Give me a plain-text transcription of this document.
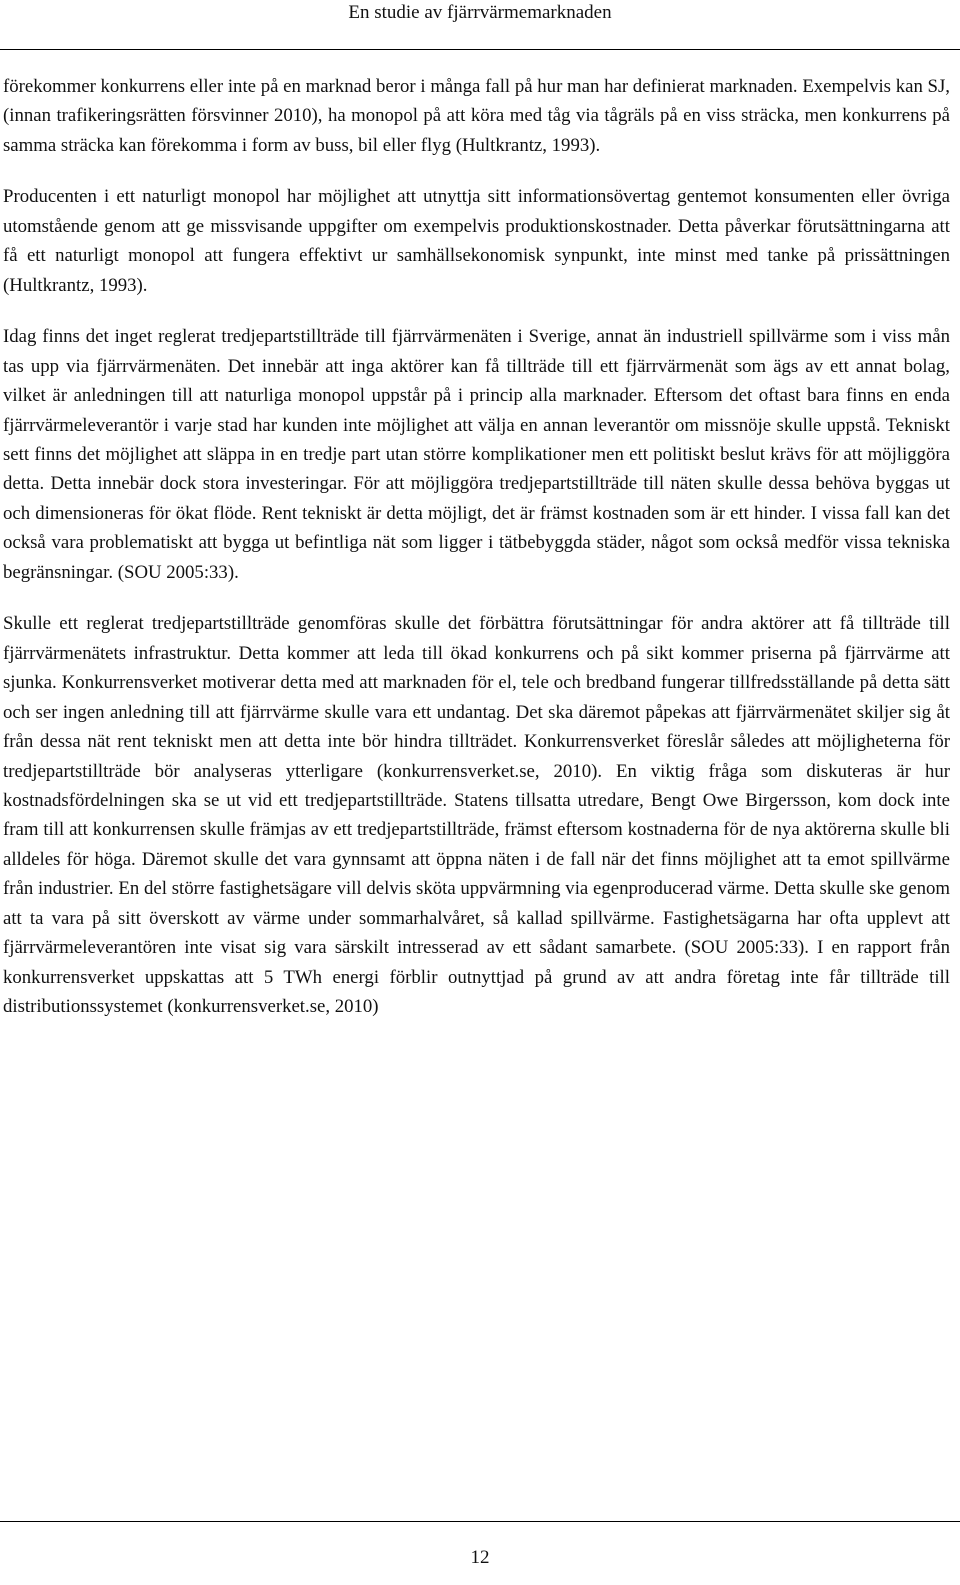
En studie av fjärrvärmemarknaden

förekommer konkurrens eller inte på en marknad beror i många fall på hur man har definierat marknaden. Exempelvis kan SJ, (innan trafikeringsrätten försvinner 2010), ha monopol på att köra med tåg via tågräls på en viss sträcka, men konkurrens på samma sträcka kan förekomma i form av buss, bil eller flyg (Hultkrantz, 1993).

Producenten i ett naturligt monopol har möjlighet att utnyttja sitt informationsövertag gentemot konsumenten eller övriga utomstående genom att ge missvisande uppgifter om exempelvis produktionskostnader. Detta påverkar förutsättningarna att få ett naturligt monopol att fungera effektivt ur samhällsekonomisk synpunkt, inte minst med tanke på prissättningen (Hultkrantz, 1993).

Idag finns det inget reglerat tredjepartstillträde till fjärrvärmenäten i Sverige, annat än industriell spillvärme som i viss mån tas upp via fjärrvärmenäten. Det innebär att inga aktörer kan få tillträde till ett fjärrvärmenät som ägs av ett annat bolag, vilket är anledningen till att naturliga monopol uppstår på i princip alla marknader. Eftersom det oftast bara finns en enda fjärrvärmeleverantör i varje stad har kunden inte möjlighet att välja en annan leverantör om missnöje skulle uppstå. Tekniskt sett finns det möjlighet att släppa in en tredje part utan större komplikationer men ett politiskt beslut krävs för att möjliggöra detta. Detta innebär dock stora investeringar. För att möjliggöra tredjepartstillträde till näten skulle dessa behöva byggas ut och dimensioneras för ökat flöde. Rent tekniskt är detta möjligt, det är främst kostnaden som är ett hinder. I vissa fall kan det också vara problematiskt att bygga ut befintliga nät som ligger i tätbebyggda städer, något som också medför vissa tekniska begränsningar. (SOU 2005:33).

Skulle ett reglerat tredjepartstillträde genomföras skulle det förbättra förutsättningar för andra aktörer att få tillträde till fjärrvärmenätets infrastruktur. Detta kommer att leda till ökad konkurrens och på sikt kommer priserna på fjärrvärme att sjunka. Konkurrensverket motiverar detta med att marknaden för el, tele och bredband fungerar tillfredsställande på detta sätt och ser ingen anledning till att fjärrvärme skulle vara ett undantag. Det ska däremot påpekas att fjärrvärmenätet skiljer sig åt från dessa nät rent tekniskt men att detta inte bör hindra tillträdet. Konkurrensverket föreslår således att möjligheterna för tredjepartstillträde bör analyseras ytterligare (konkurrensverket.se, 2010). En viktig fråga som diskuteras är hur kostnadsfördelningen ska se ut vid ett tredjepartstillträde. Statens tillsatta utredare, Bengt Owe Birgersson, kom dock inte fram till att konkurrensen skulle främjas av ett tredjepartstillträde, främst eftersom kostnaderna för de nya aktörerna skulle bli alldeles för höga. Däremot skulle det vara gynnsamt att öppna näten i de fall när det finns möjlighet att ta emot spillvärme från industrier. En del större fastighetsägare vill delvis sköta uppvärmning via egenproducerad värme. Detta skulle ske genom att ta vara på sitt överskott av värme under sommarhalvåret, så kallad spillvärme. Fastighetsägarna har ofta upplevt att fjärrvärmeleverantören inte visat sig vara särskilt intresserad av ett sådant samarbete. (SOU 2005:33). I en rapport från konkurrensverket uppskattas att 5 TWh energi förblir outnyttjad på grund av att andra företag inte får tillträde till distributionssystemet (konkurrensverket.se, 2010)

12
